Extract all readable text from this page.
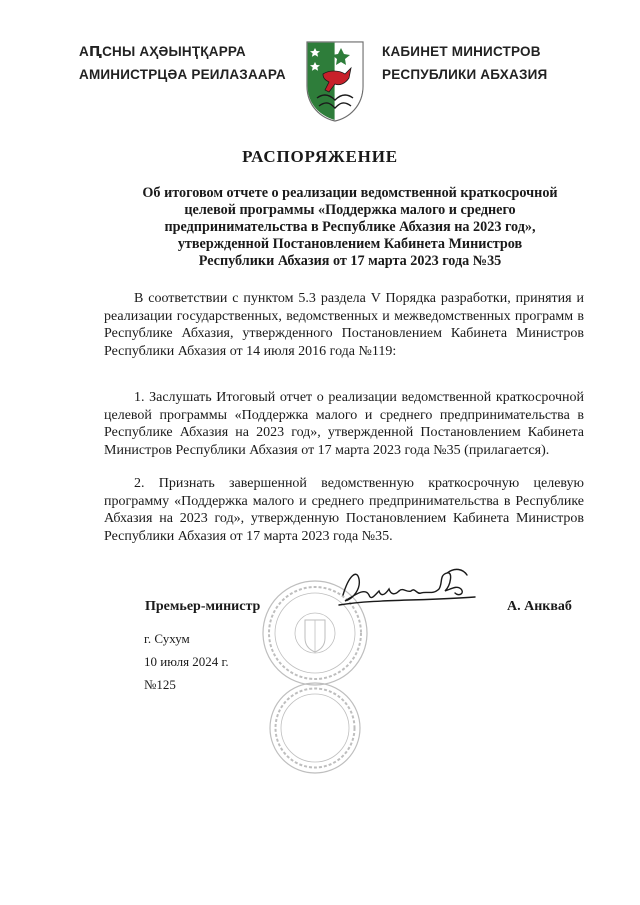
АԤСНЫ АҲӘЫНҬҚАРРА
АМИНИСТРЦӘА РЕИЛАЗААРА
КАБИНЕТ МИНИСТРОВ
РЕСПУБЛИКИ АБХАЗИЯ
РАСПОРЯЖЕНИЕ
Об итоговом отчете о реализации ведомственной краткосрочной
целевой программы «Поддержка малого и среднего
предпринимательства в Республике Абхазия на 2023 год»,
утвержденной Постановлением Кабинета Министров
Республики Абхазия от 17 марта 2023 года №35
В соответствии с пунктом 5.3 раздела V Порядка разработки, принятия и реализации государственных, ведомственных и межведомственных программ в Республике Абхазия, утвержденного Постановлением Кабинета Министров Республики Абхазия от 14 июля 2016 года №119:
1. Заслушать Итоговый отчет о реализации ведомственной краткосрочной целевой программы «Поддержка малого и среднего предпринимательства в Республике Абхазия на 2023 год», утвержденной Постановлением Кабинета Министров Республики Абхазия от 17 марта 2023 года №35 (прилагается).
2. Признать завершенной ведомственную краткосрочную целевую программу «Поддержка малого и среднего предпринимательства в Республике Абхазия на 2023 год», утвержденную Постановлением Кабинета Министров Республики Абхазия от 17 марта 2023 года №35.
Премьер-министр	А. Анкваб
г. Сухум
10 июля 2024 г.
№125
